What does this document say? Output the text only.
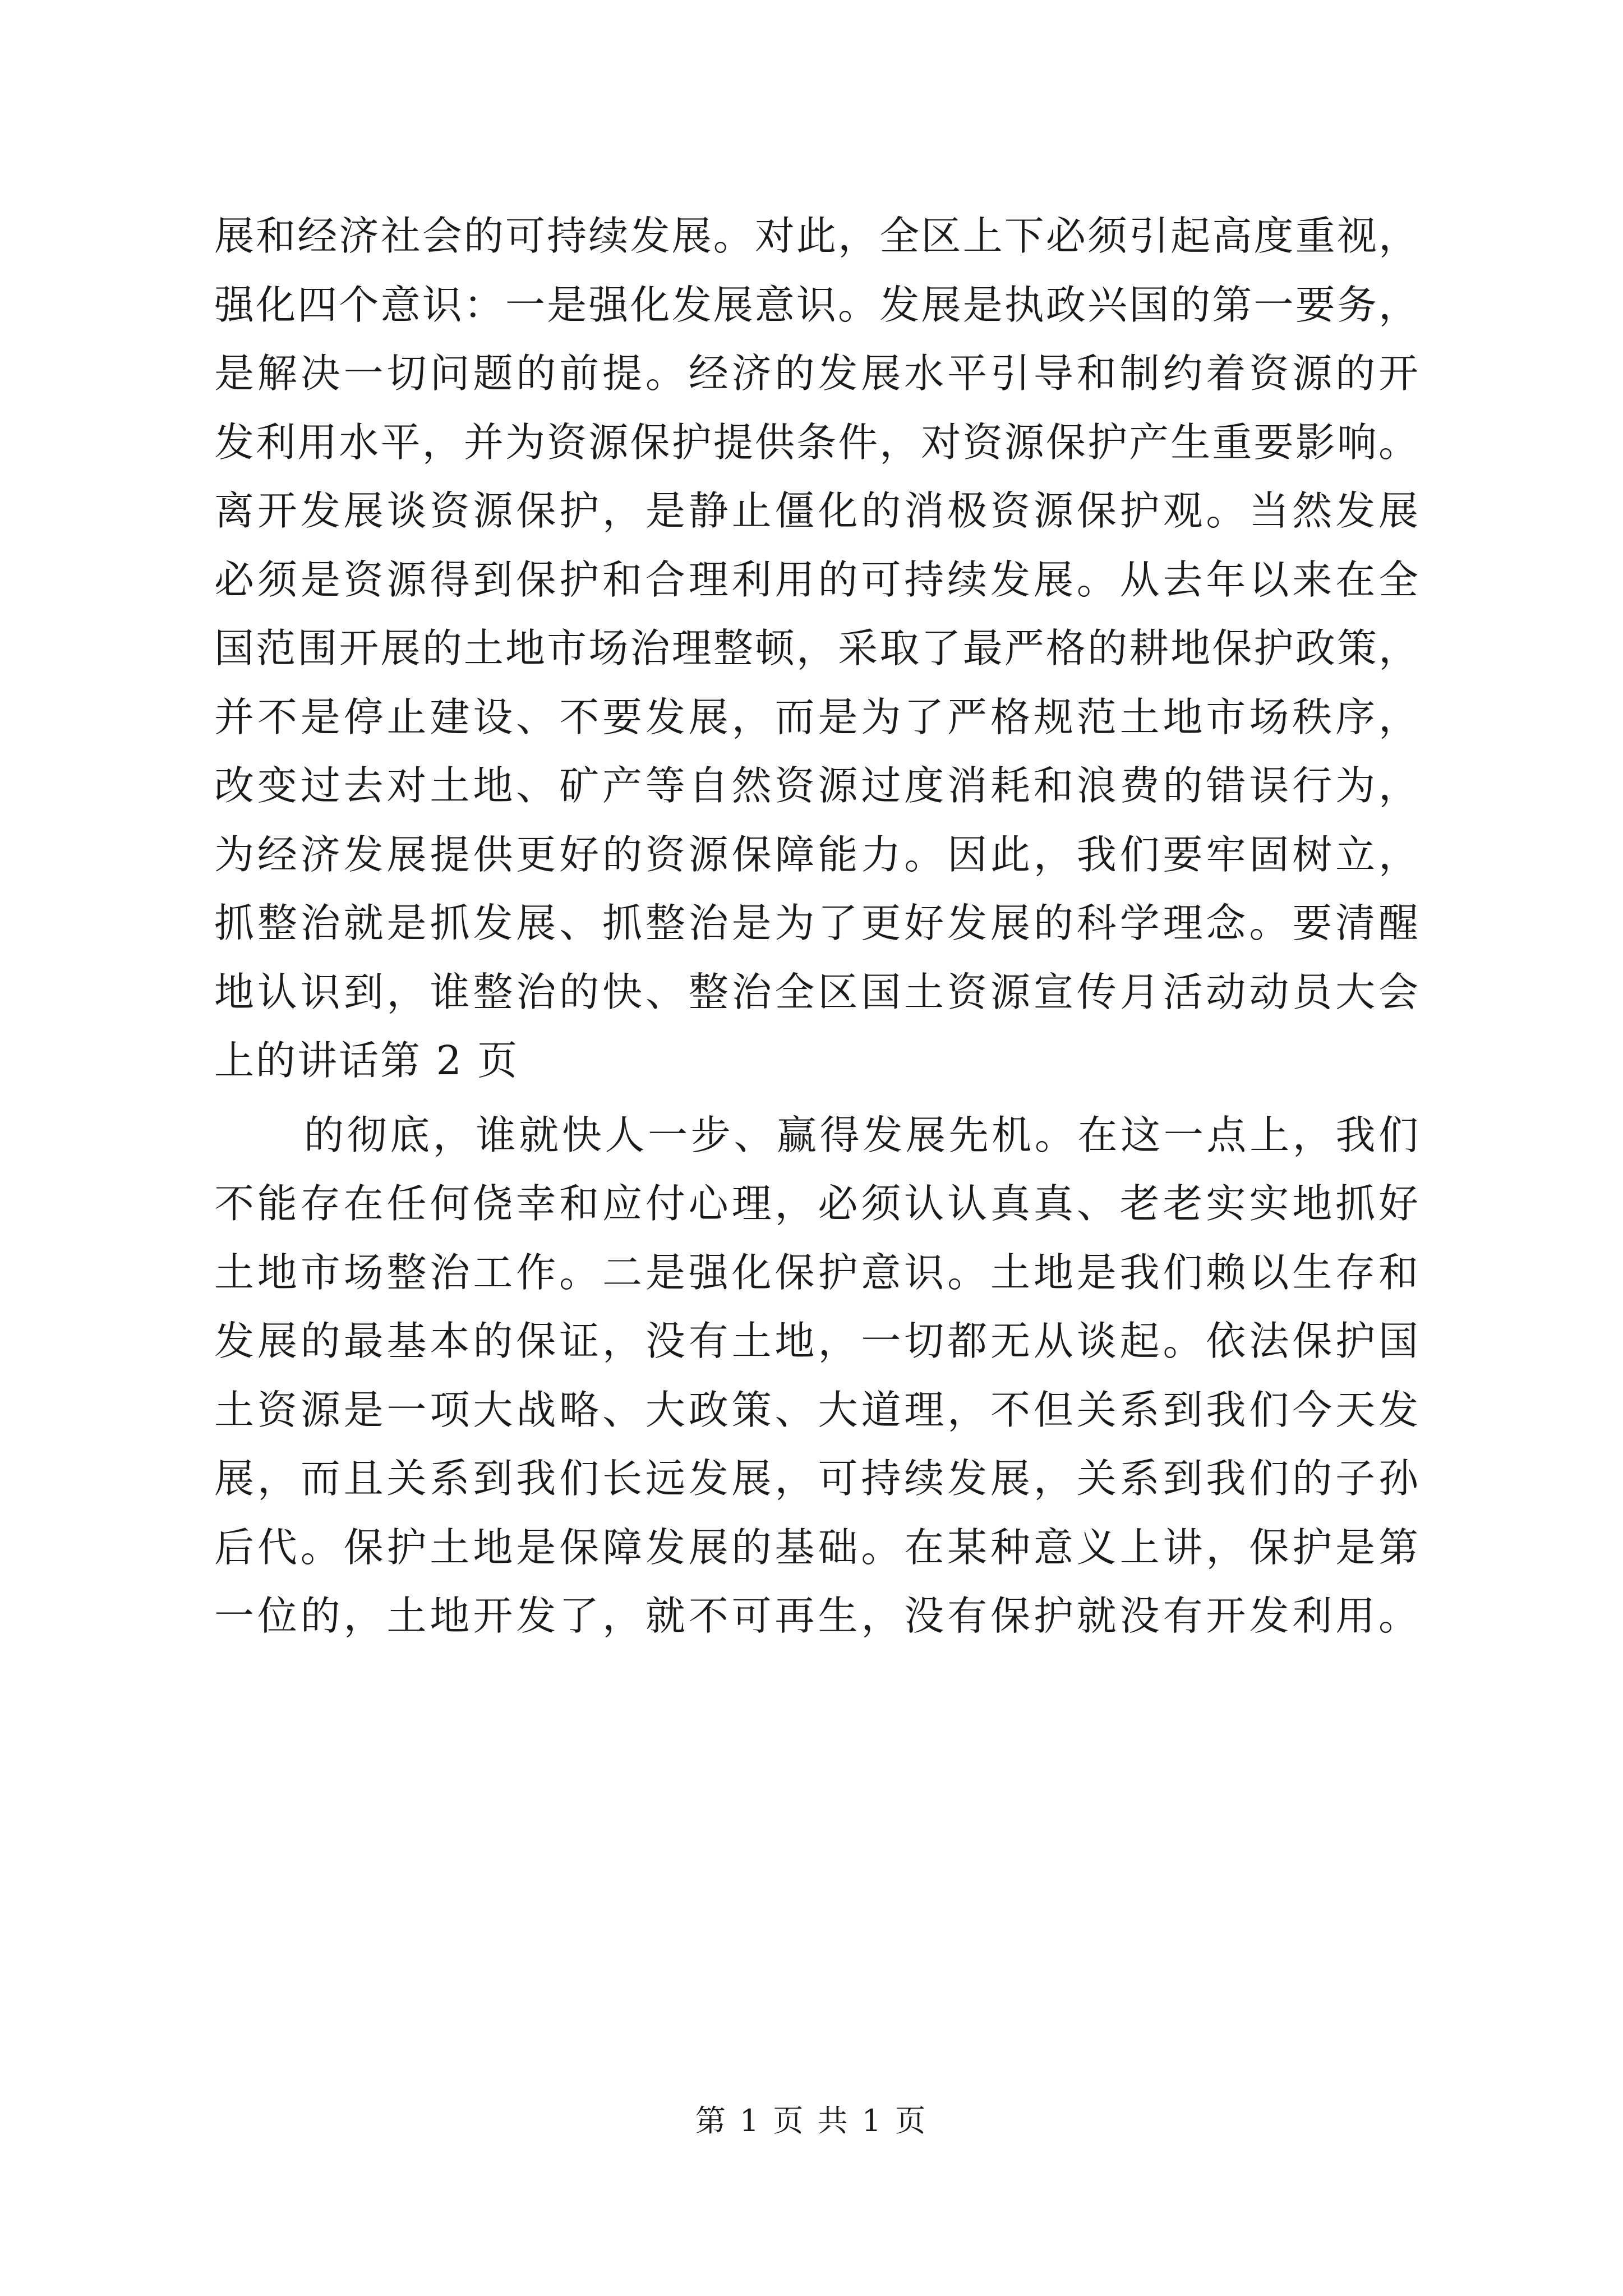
展和经济社会的可持续发展。对此，全区上下必须引起高度重视，
强化四个意识：一是强化发展意识。发展是执政兴国的第一要务，
是解决一切问题的前提。经济的发展水平引导和制约着资源的开
发利用水平，并为资源保护提供条件，对资源保护产生重要影响。
离开发展谈资源保护，是静止僵化的消极资源保护观。当然发展
必须是资源得到保护和合理利用的可持续发展。从去年以来在全
国范围开展的土地市场治理整顿，采取了最严格的耕地保护政策，
并不是停止建设、不要发展，而是为了严格规范土地市场秩序，
改变过去对土地、矿产等自然资源过度消耗和浪费的错误行为，
为经济发展提供更好的资源保障能力。因此，我们要牢固树立，
抓整治就是抓发展、抓整治是为了更好发展的科学理念。要清醒
地认识到，谁整治的快、整治全区国土资源宣传月活动动员大会
上的讲话第 2 页
的彻底，谁就快人一步、赢得发展先机。在这一点上，我们
不能存在任何侥幸和应付心理，必须认认真真、老老实实地抓好
土地市场整治工作。二是强化保护意识。土地是我们赖以生存和
发展的最基本的保证，没有土地，一切都无从谈起。依法保护国
土资源是一项大战略、大政策、大道理，不但关系到我们今天发
展，而且关系到我们长远发展，可持续发展，关系到我们的子孙
后代。保护土地是保障发展的基础。在某种意义上讲，保护是第
一位的，土地开发了，就不可再生，没有保护就没有开发利用。
第 1 页 共 1 页
